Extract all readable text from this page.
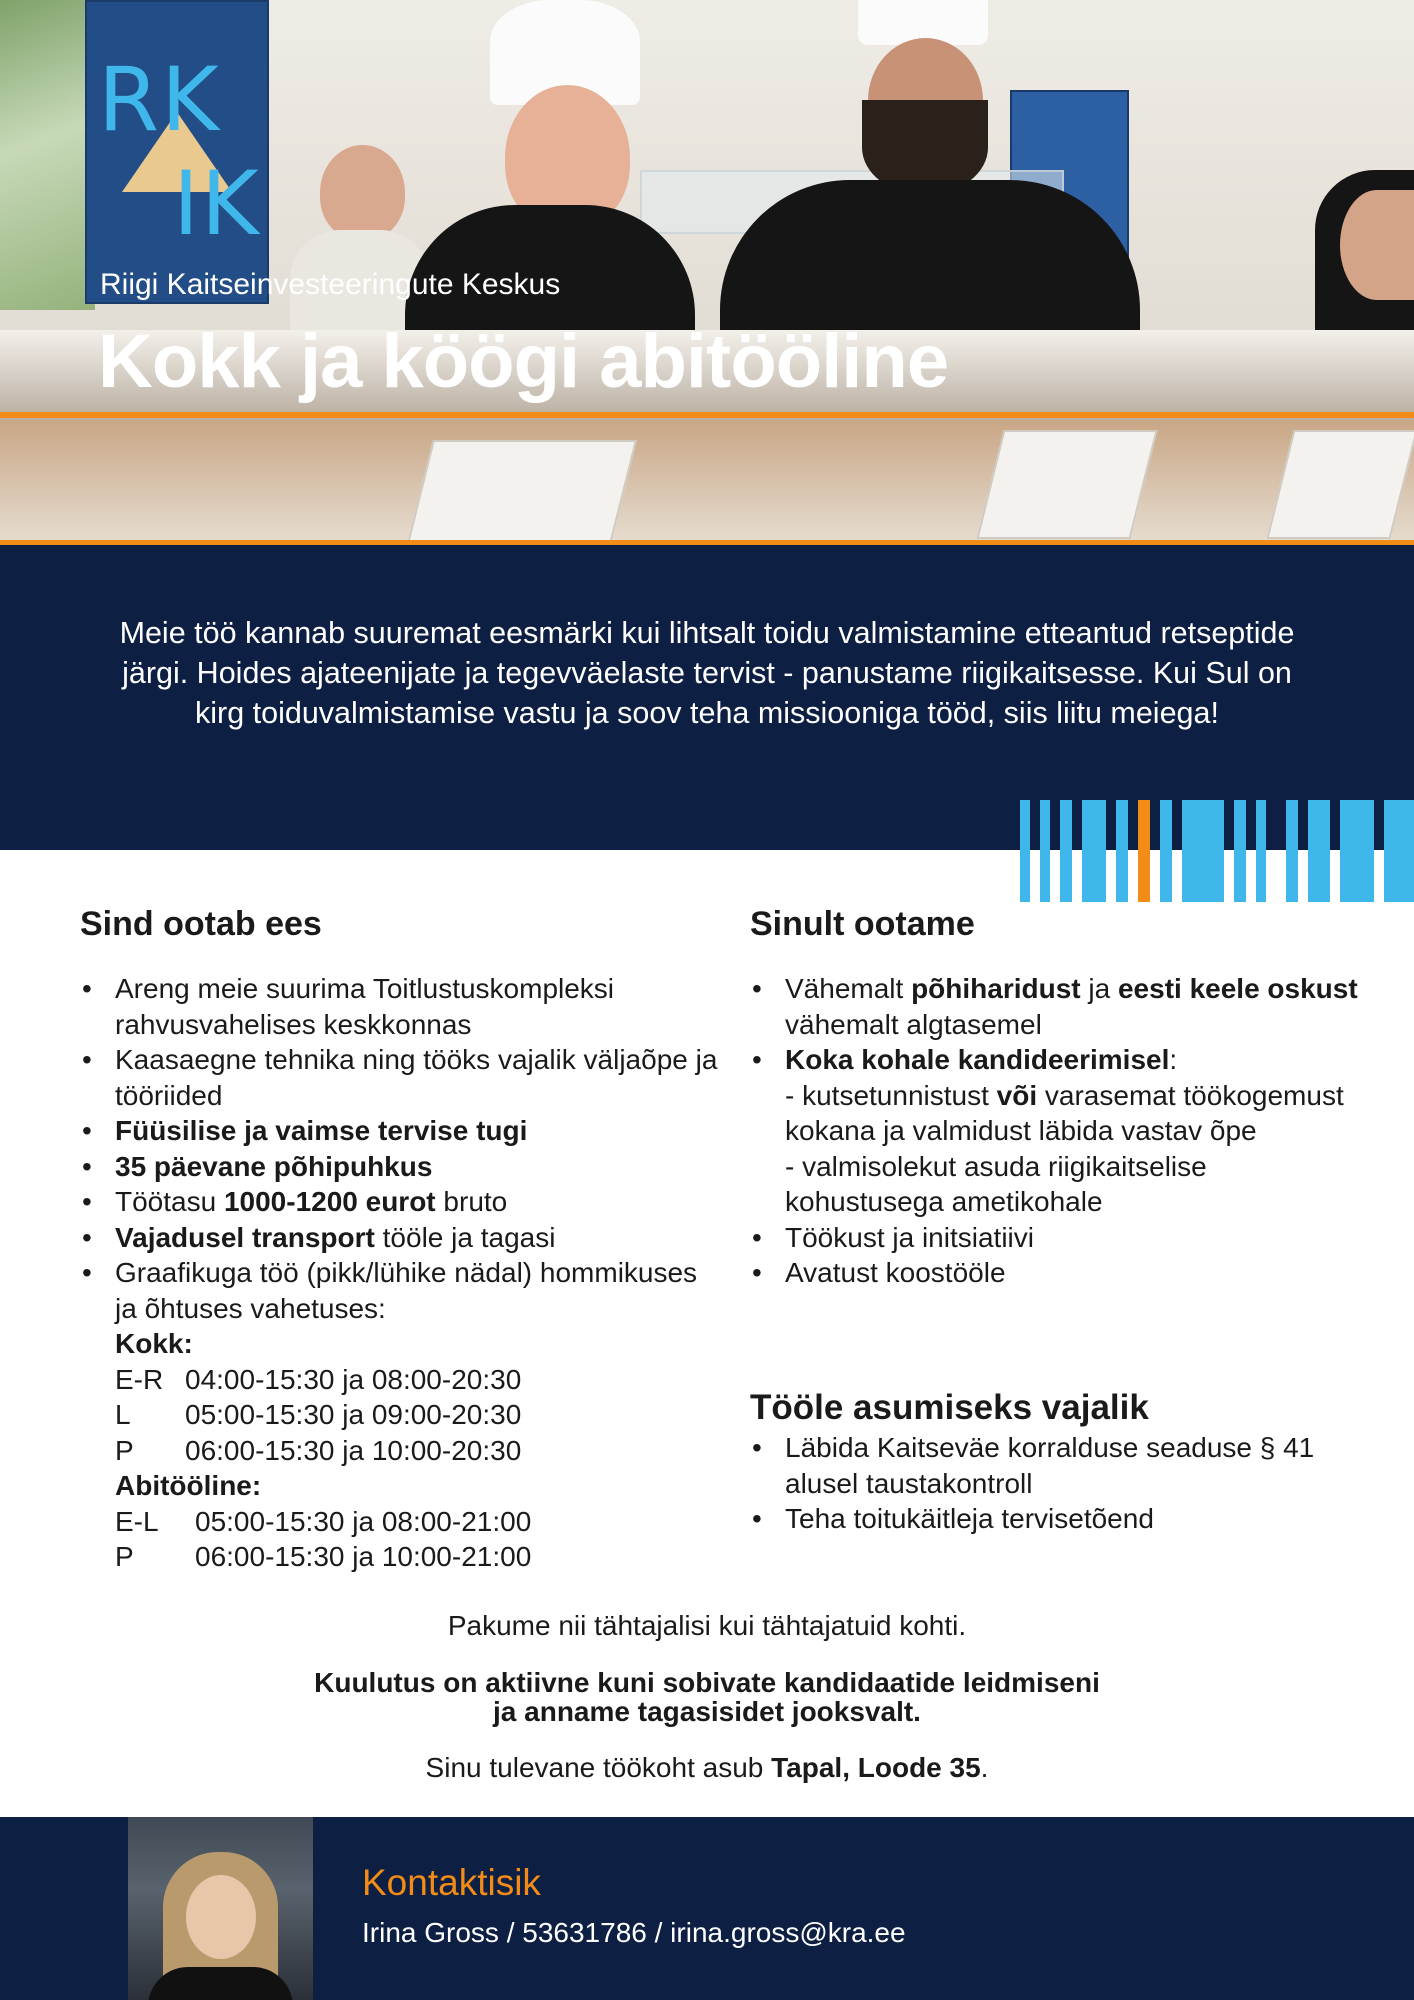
RK
IK
Riigi Kaitseinvesteeringute Keskus
Kokk ja köögi abitööline

Meie töö kannab suuremat eesmärki kui lihtsalt toidu valmistamine etteantud retseptide järgi. Hoides ajateenijate ja tegevväelaste tervist - panustame riigikaitsesse. Kui Sul on kirg toiduvalmistamise vastu ja soov teha missiooniga tööd, siis liitu meiega!

Sind ootab ees
• Areng meie suurima Toitlustuskompleksi rahvusvahelises keskkonnas
• Kaasaegne tehnika ning tööks vajalik väljaõpe ja tööriided
• Füüsilise ja vaimse tervise tugi
• 35 päevane põhipuhkus
• Töötasu 1000-1200 eurot bruto
• Vajadusel transport tööle ja tagasi
• Graafikuga töö (pikk/lühike nädal) hommikuses ja õhtuses vahetuses:
Kokk:
E-R 04:00-15:30 ja 08:00-20:30
L	05:00-15:30 ja 09:00-20:30
P	06:00-15:30 ja 10:00-20:30
Abitööline:
E-L	05:00-15:30 ja 08:00-21:00
P	06:00-15:30 ja 10:00-21:00
Sinult ootame
• Vähemalt põhiharidust ja eesti keele oskust vähemalt algtasemel
• Koka kohale kandideerimisel:
- kutsetunnistust või varasemat töökogemust kokana ja valmidust läbida vastav õpe
- valmisolekut asuda riigikaitselise kohustusega ametikohale
• Töökust ja initsiatiivi
• Avatust koostööle
Tööle asumiseks vajalik
• Läbida Kaitseväe korralduse seaduse § 41 alusel taustakontroll
• Teha toitukäitleja tervisetõend
Pakume nii tähtajalisi kui tähtajatuid kohti.
Kuulutus on aktiivne kuni sobivate kandidaatide leidmiseni
ja anname tagasisidet jooksvalt.
Sinu tulevane töökoht asub Tapal, Loode 35.
Kontaktisik
Irina Gross / 53631786 / irina.gross@kra.ee
